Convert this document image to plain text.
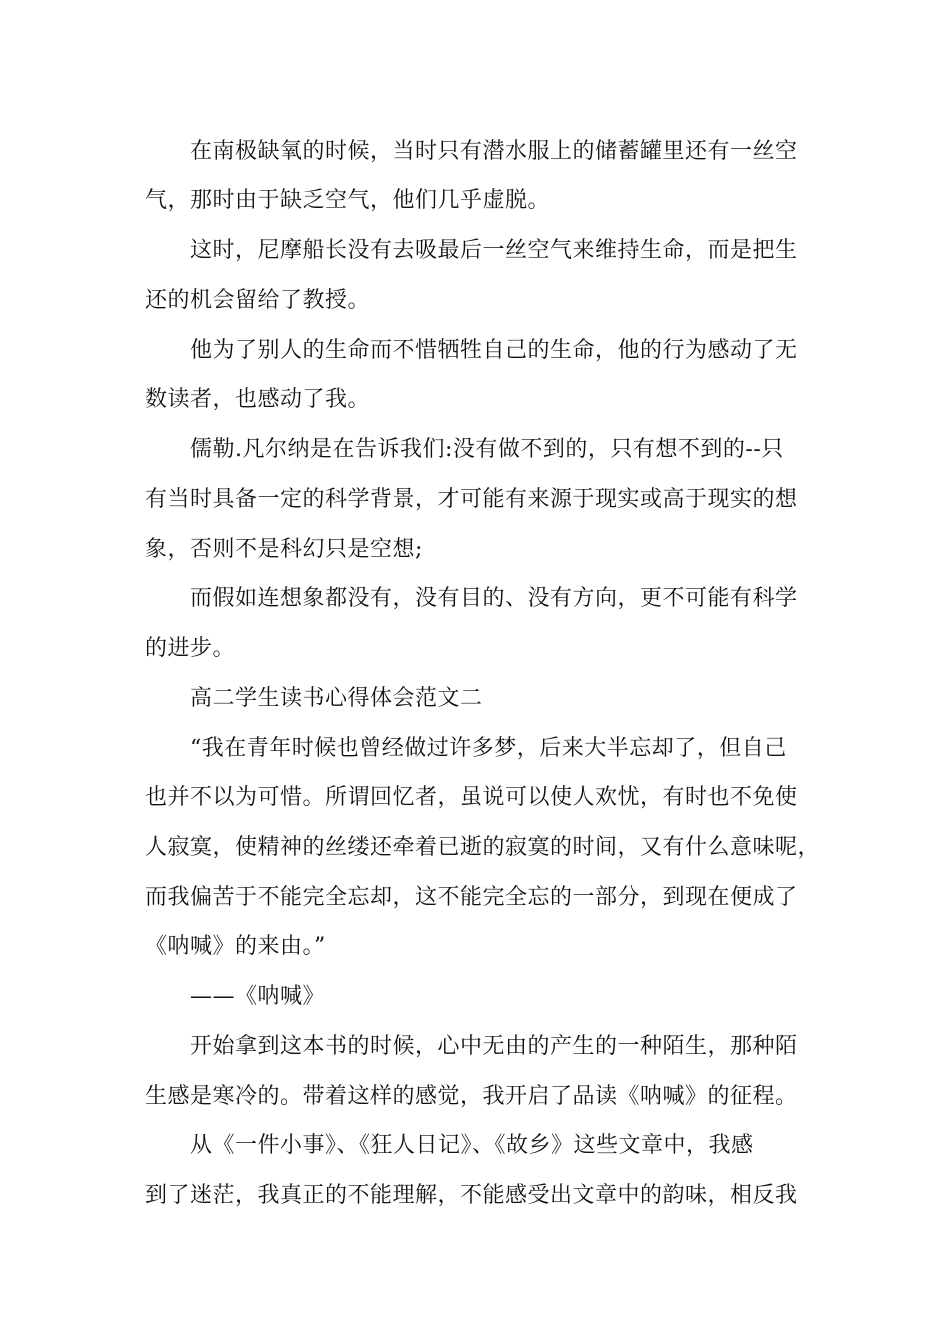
在南极缺氧的时候，当时只有潜水服上的储蓄罐里还有一丝空
气，那时由于缺乏空气，他们几乎虚脱。
这时，尼摩船长没有去吸最后一丝空气来维持生命，而是把生
还的机会留给了教授。
他为了别人的生命而不惜牺牲自己的生命，他的行为感动了无
数读者，也感动了我。
儒勒.凡尔纳是在告诉我们:没有做不到的，只有想不到的--只
有当时具备一定的科学背景，才可能有来源于现实或高于现实的想
象，否则不是科幻只是空想;
而假如连想象都没有，没有目的、没有方向，更不可能有科学
的进步。
高二学生读书心得体会范文二
“我在青年时候也曾经做过许多梦，后来大半忘却了，但自己
也并不以为可惜。所谓回忆者，虽说可以使人欢忧，有时也不免使
人寂寞，使精神的丝缕还牵着已逝的寂寞的时间，又有什么意味呢，
而我偏苦于不能完全忘却，这不能完全忘的一部分，到现在便成了
《呐喊》的来由。”
——《呐喊》
开始拿到这本书的时候，心中无由的产生的一种陌生，那种陌
生感是寒冷的。带着这样的感觉，我开启了品读《呐喊》的征程。
从《一件小事》、《狂人日记》、《故乡》这些文章中，我感
到了迷茫，我真正的不能理解，不能感受出文章中的韵味，相反我
